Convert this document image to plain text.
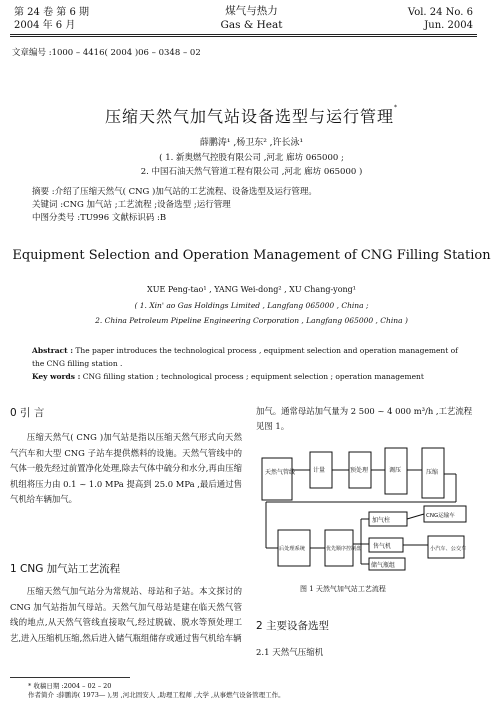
第 24 卷 第 6 期
2004 年 6 月
煤气与热力
Gas & Heat
Vol. 24 No. 6
Jun. 2004
文章编号 :1000 – 4416( 2004 )06 – 0348 – 02
压缩天然气加气站设备选型与运行管理*
薛鹏涛¹ ,杨卫东² ,许长泳¹
( 1. 新奥燃气控股有限公司 ,河北 廊坊 065000 ;
2. 中国石油天然气管道工程有限公司 ,河北 廊坊 065000 )
摘要 :介绍了压缩天然气( CNG )加气站的工艺流程、设备选型及运行管理。
关键词 :CNG 加气站 ;工艺流程 ;设备选型 ;运行管理
中图分类号 :TU996 文献标识码 :B
Equipment Selection and Operation Management of CNG Filling Station
XUE Peng-tao¹ , YANG Wei-dong² , XU Chang-yong¹
( 1. Xin' ao Gas Holdings Limited , Langfang 065000 , China ;
2. China Petroleum Pipeline Engineering Corporation , Langfang 065000 , China )
Abstract : The paper introduces the technological process , equipment selection and operation management of the CNG filling station .
Key words : CNG filling station ; technological process ; equipment selection ; operation management
0 引 言
压缩天然气( CNG )加气站是指以压缩天然气形式向天然气汽车和大型 CNG 子站车提供燃料的设施。天然气管线中的气体一般先经过前置净化处理,除去气体中硫分和水分,再由压缩机组将压力由 0.1 ~ 1.0 MPa 提高到 25.0 MPa ,最后通过售气机给车辆加气。
1 CNG 加气站工艺流程
压缩天然气加气站分为常规站、母站和子站。本文探讨的 CNG 加气站指加气母站。天然气加气母站是建在临天然气管线的地点,从天然气管线直接取气,经过脱硫、脱水等预处理工艺,进入压缩机压缩,然后进入储气瓶组储存或通过售气机给车辆
加气。通常母站加气量为 2 500 ~ 4 000 m³/h ,工艺流程见图 1。
天然气管线	计量	预处理	调压	压缩
加气柱
CNG运输车
后处理系统	优先顺序控制盘 售气机	小汽车、公交车
储气瓶组
图 1 天然气加气站工艺流程
2 主要设备选型
2.1 天然气压缩机
* 收稿日期 :2004 – 02 – 20
作者简介 :薛鹏涛( 1973— ),男 ,河北固安人 ,助理工程师 ,大学 ,从事燃气设备管理工作。
